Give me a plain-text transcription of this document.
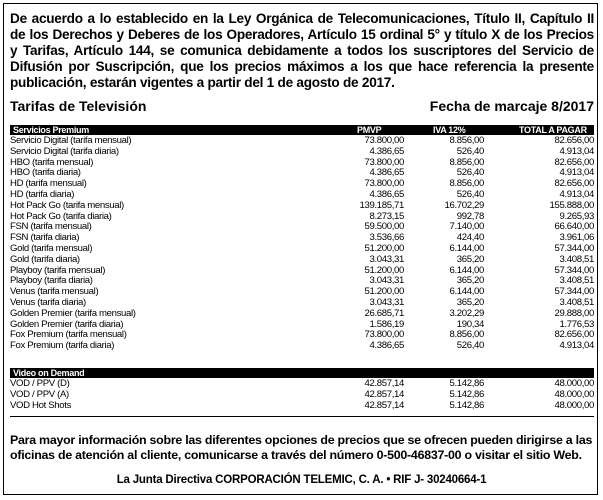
De acuerdo a lo establecido en la Ley Orgánica de Telecomunicaciones, Título II, Capítulo II de los Derechos y Deberes de los Operadores, Artículo 15 ordinal 5° y título X de los Precios y Tarifas, Artículo 144, se comunica debidamente a todos los suscriptores del Servicio de Difusión por Suscripción, que los precios máximos a los que hace referencia la presente publicación, estarán vigentes a partir del 1 de agosto de 2017.
Tarifas de Televisión	Fecha de marcaje 8/2017
Servicios Premium	PMVP	IVA 12%	TOTAL A PAGAR
Servicio Digital (tarifa mensual)	73.800,00	8.856,00	82.656,00
Servicio Digital (tarifa diaria)	4.386,65	526,40	4.913,04
HBO (tarifa mensual)	73.800,00	8.856,00	82.656,00
HBO (tarifa diaria)	4.386,65	526,40	4.913,04
HD (tarifa mensual)	73.800,00	8.856,00	82.656,00
HD (tarifa diaria)	4.386,65	526,40	4.913,04
Hot Pack Go (tarifa mensual)	139.185,71	16.702,29	155.888,00
Hot Pack Go (tarifa diaria)	8.273,15	992,78	9.265,93
FSN (tarifa mensual)	59.500,00	7.140,00	66.640,00
FSN (tarifa diaria)	3.536,66	424,40	3.961,06
Gold (tarifa mensual)	51.200,00	6.144,00	57.344,00
Gold (tarifa diaria)	3.043,31	365,20	3.408,51
Playboy (tarifa mensual)	51.200,00	6.144,00	57.344,00
Playboy (tarifa diaria)	3.043,31	365,20	3.408,51
Venus (tarifa mensual)	51.200,00	6.144,00	57.344,00
Venus (tarifa diaria)	3.043,31	365,20	3.408,51
Golden Premier (tarifa mensual)	26.685,71	3.202,29	29.888,00
Golden Premier (tarifa diaria)	1.586,19	190,34	1.776,53
Fox Premium (tarifa mensual)	73.800,00	8.856,00	82.656,00
Fox Premium (tarifa diaria)	4.386,65	526,40	4.913,04
Video on Demand
VOD / PPV (D)	42.857,14	5.142,86	48.000,00
VOD / PPV (A)	42.857,14	5.142,86	48.000,00
VOD Hot Shots	42.857,14	5.142,86	48.000,00
Para mayor información sobre las diferentes opciones de precios que se ofrecen pueden dirigirse a las oficinas de atención al cliente, comunicarse a través del número 0-500-46837-00 o visitar el sitio Web.
La Junta Directiva CORPORACIÓN TELEMIC, C. A. • RIF J- 30240664-1
